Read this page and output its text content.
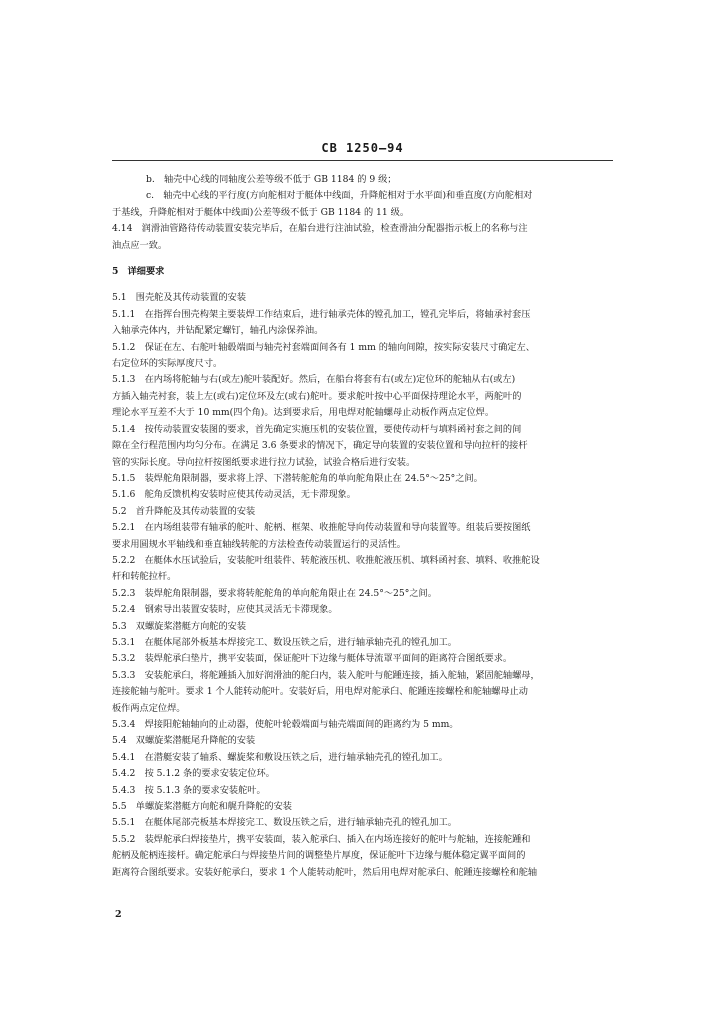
CB 1250—94
b.　轴壳中心线的同轴度公差等级不低于 GB 1184 的 9 级；
c.　轴壳中心线的平行度(方向舵相对于艇体中线面，升降舵相对于水平面)和垂直度(方向舵相对
于基线，升降舵相对于艇体中线面)公差等级不低于 GB 1184 的 11 级。
4.14　润滑油管路待传动装置安装完毕后，在船台进行注油试验，检查滑油分配器指示板上的名称与注
油点应一致。
5　详细要求
5.1　围壳舵及其传动装置的安装
5.1.1　在指挥台围壳构架主要装焊工作结束后，进行轴承壳体的镗孔加工，镗孔完毕后，将轴承衬套压
入轴承壳体内，并钻配紧定螺钉，轴孔内涂保养油。
5.1.2　保证在左、右舵叶轴毂端面与轴壳衬套端面间各有 1 mm 的轴向间隙，按实际安装尺寸确定左、
右定位环的实际厚度尺寸。
5.1.3　在内场将舵轴与右(或左)舵叶装配好。然后，在船台将套有右(或左)定位环的舵轴从右(或左)
方插入轴壳衬套，装上左(或右)定位环及左(或右)舵叶。要求舵叶按中心平面保持理论水平，两舵叶的
理论水平互差不大于 10 mm(四个角)。达到要求后，用电焊对舵轴螺母止动板作两点定位焊。
5.1.4　按传动装置安装图的要求，首先确定实施压机的安装位置，要使传动杆与填料函衬套之间的间
隙在全行程范围内均匀分布。在满足 3.6 条要求的情况下，确定导向装置的安装位置和导向拉杆的接杆
管的实际长度。导向拉杆按图纸要求进行拉力试验，试验合格后进行安装。
5.1.5　装焊舵角限制器，要求将上浮、下潜转舵舵角的单向舵角限止在 24.5°～25°之间。
5.1.6　舵角反馈机构安装时应使其传动灵活，无卡滞现象。
5.2　首升降舵及其传动装置的安装
5.2.1　在内场组装带有轴承的舵叶、舵柄、框架、收推舵导向传动装置和导向装置等。组装后要按图纸
要求用圆规水平轴线和垂直轴线转舵的方法检查传动装置运行的灵活性。
5.2.2　在艇体水压试验后，安装舵叶组装件、转舵液压机、收推舵液压机、填料函衬套、填料、收推舵设
杆和转舵拉杆。
5.2.3　装焊舵角限制器，要求将转舵舵角的单向舵角限止在 24.5°～25°之间。
5.2.4　钢索导出装置安装时，应使其灵活无卡滞现象。
5.3　双螺旋桨潜艇方向舵的安装
5.3.1　在艇体尾部外板基本焊接完工、数设压铁之后，进行轴承轴壳孔的镗孔加工。
5.3.2　装焊舵承臼垫片，携平安装面，保证舵叶下边缘与艇体导流罩平面间的距离符合图纸要求。
5.3.3　安装舵承臼，将舵踵插入加好润滑油的舵臼内，装入舵叶与舵踵连接，插入舵轴，紧固舵轴螺母，
连接舵轴与舵叶。要求 1 个人能转动舵叶。安装好后，用电焊对舵承臼、舵踵连接螺栓和舵轴螺母止动
板作两点定位焊。
5.3.4　焊接阳舵轴轴向的止动器，使舵叶轮毂端面与轴壳端面间的距离约为 5 mm。
5.4　双螺旋桨潜艇尾升降舵的安装
5.4.1　在潜艇安装了轴系、螺旋桨和敷设压铁之后，进行轴承轴壳孔的镗孔加工。
5.4.2　按 5.1.2 条的要求安装定位环。
5.4.3　按 5.1.3 条的要求安装舵叶。
5.5　单螺旋桨潜艇方向舵和艉升降舵的安装
5.5.1　在艇体尾部壳板基本焊接完工、数设压铁之后，进行轴承轴壳孔的镗孔加工。
5.5.2　装焊舵承臼焊接垫片，携平安装面，装入舵承臼、插入在内场连接好的舵叶与舵轴，连接舵踵和
舵柄及舵柄连接杆。确定舵承臼与焊接垫片间的调整垫片厚度，保证舵叶下边缘与艇体稳定翼平面间的
距离符合图纸要求。安装好舵承臼，要求 1 个人能转动舵叶，然后用电焊对舵承臼、舵踵连接螺栓和舵轴
2
